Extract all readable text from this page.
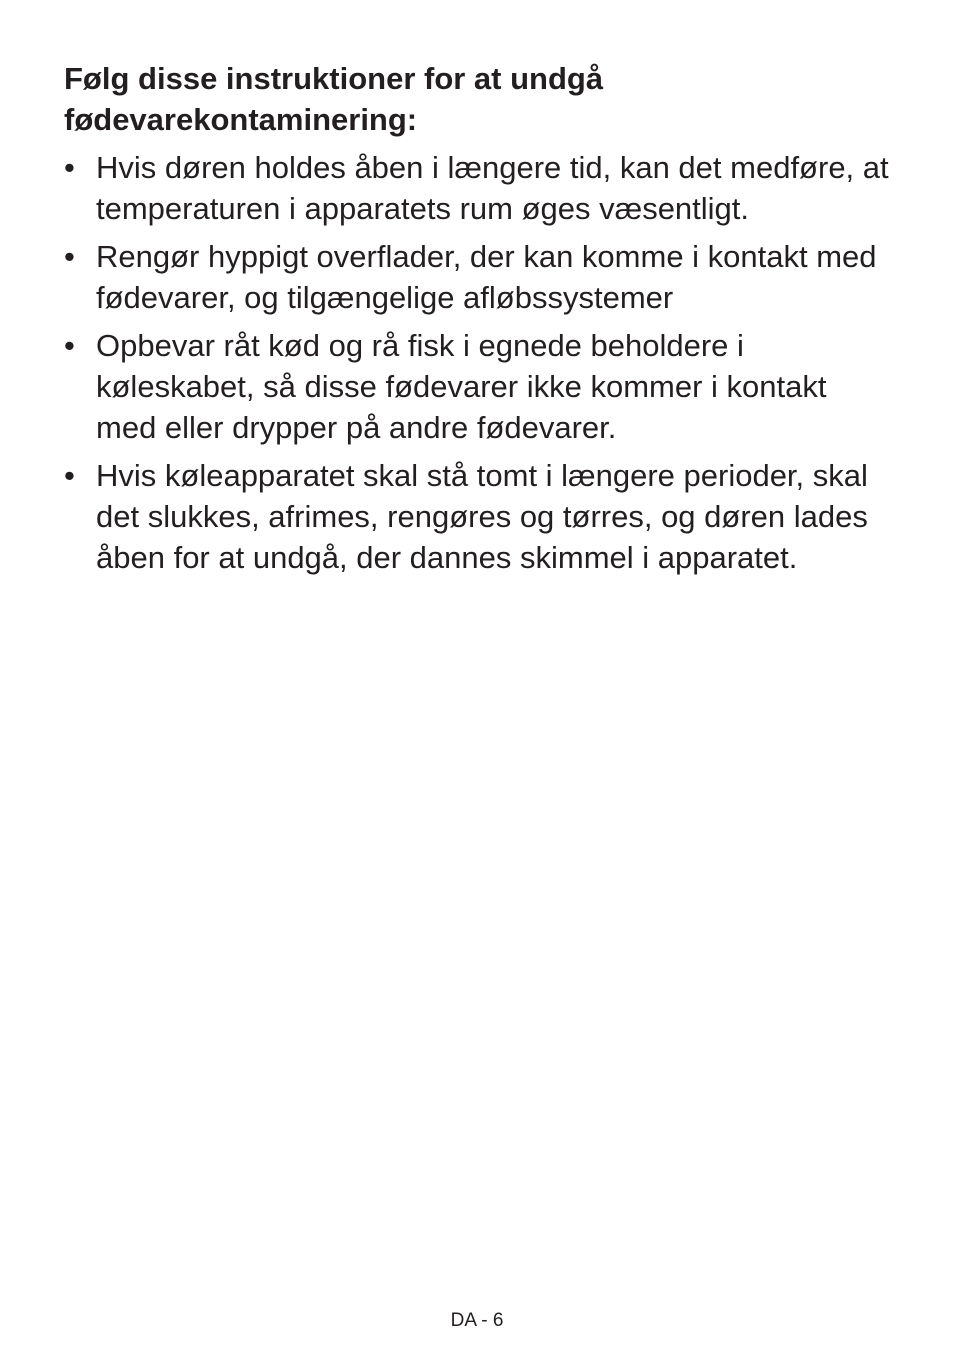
Følg disse instruktioner for at undgå fødevarekontaminering:
• Hvis døren holdes åben i længere tid, kan det medføre, at temperaturen i apparatets rum øges væsentligt.
• Rengør hyppigt overflader, der kan komme i kontakt med fødevarer, og tilgængelige afløbssystemer
• Opbevar råt kød og rå fisk i egnede beholdere i køleskabet, så disse fødevarer ikke kommer i kontakt med eller drypper på andre fødevarer.
• Hvis køleapparatet skal stå tomt i længere perioder, skal det slukkes, afrimes, rengøres og tørres, og døren lades åben for at undgå, der dannes skimmel i apparatet.
DA - 6
